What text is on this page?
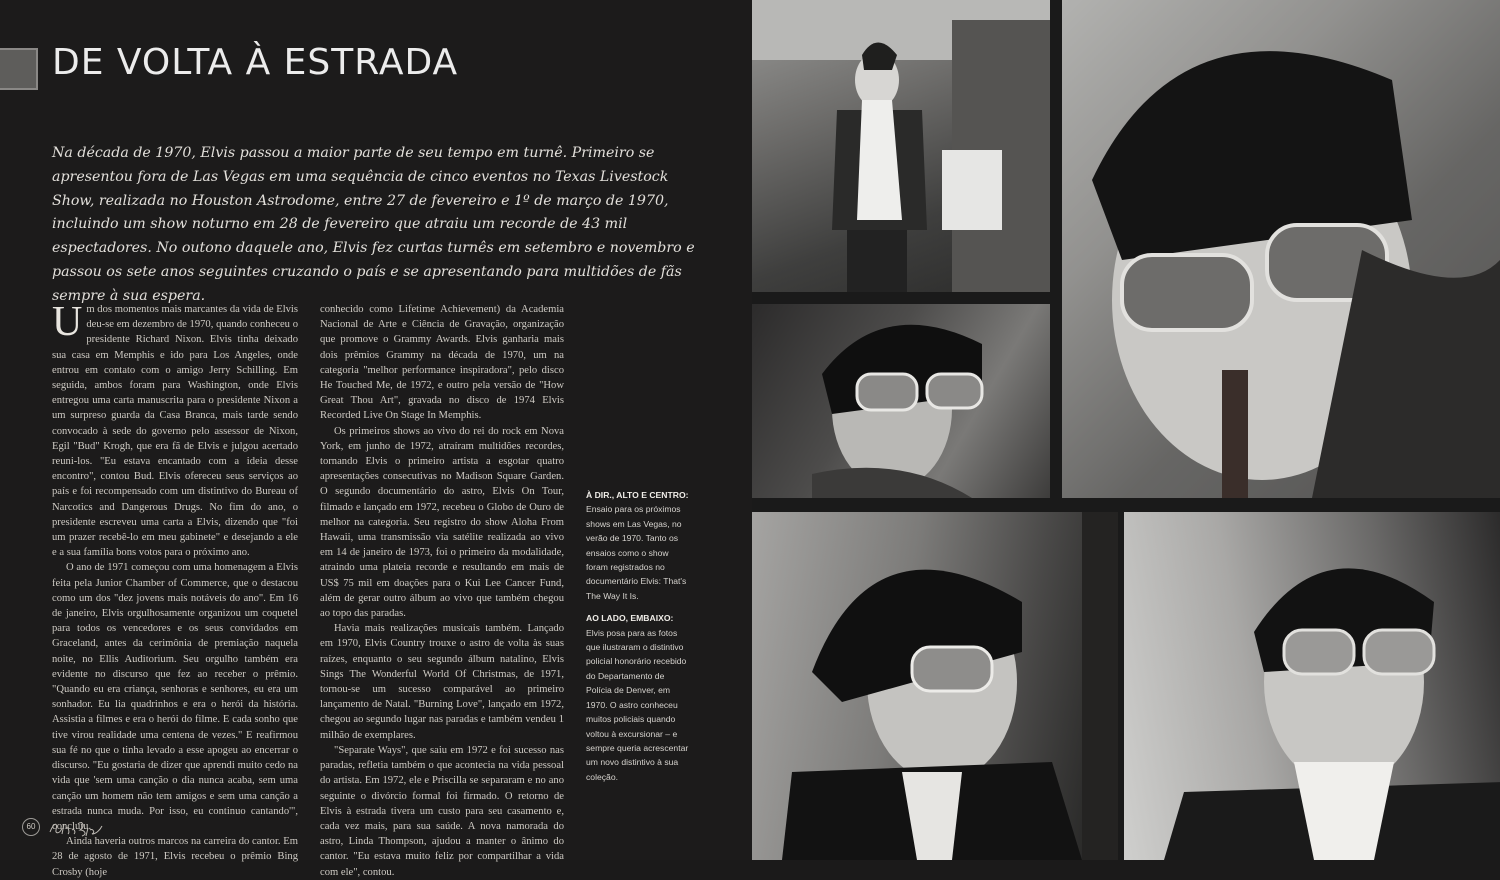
DE VOLTA À ESTRADA

Na década de 1970, Elvis passou a maior parte de seu tempo em turnê. Primeiro se apresentou fora de Las Vegas em uma sequência de cinco eventos no Texas Livestock Show, realizada no Houston Astrodome, entre 27 de fevereiro e 1º de março de 1970, incluindo um show noturno em 28 de fevereiro que atraiu um recorde de 43 mil espectadores. No outono daquele ano, Elvis fez curtas turnês em setembro e novembro e passou os sete anos seguintes cruzando o país e se apresentando para multidões de fãs sempre à sua espera.

Um dos momentos mais marcantes da vida de Elvis deu-se em dezembro de 1970, quando conheceu o presidente Richard Nixon. Elvis tinha deixado sua casa em Memphis e ido para Los Angeles, onde entrou em contato com o amigo Jerry Schilling. Em seguida, ambos foram para Washington, onde Elvis entregou uma carta manuscrita para o presidente Nixon a um surpreso guarda da Casa Branca, mais tarde sendo convocado à sede do governo pelo assessor de Nixon, Egil "Bud" Krogh, que era fã de Elvis e julgou acertado reuni-los. "Eu estava encantado com a ideia desse encontro", contou Bud. Elvis ofereceu seus serviços ao país e foi recompensado com um distintivo do Bureau of Narcotics and Dangerous Drugs. No fim do ano, o presidente escreveu uma carta a Elvis, dizendo que "foi um prazer recebê-lo em meu gabinete" e desejando a ele e a sua família bons votos para o próximo ano.

O ano de 1971 começou com uma homenagem a Elvis feita pela Junior Chamber of Commerce, que o destacou como um dos "dez jovens mais notáveis do ano". Em 16 de janeiro, Elvis orgulhosamente organizou um coquetel para todos os vencedores e os seus convidados em Graceland, antes da cerimônia de premiação naquela noite, no Ellis Auditorium. Seu orgulho também era evidente no discurso que fez ao receber o prêmio. "Quando eu era criança, senhoras e senhores, eu era um sonhador. Eu lia quadrinhos e era o herói da história. Assistia a filmes e era o herói do filme. E cada sonho que tive virou realidade uma centena de vezes." E reafirmou sua fé no que o tinha levado a esse apogeu ao encerrar o discurso. "Eu gostaria de dizer que aprendi muito cedo na vida que 'sem uma canção o dia nunca acaba, sem uma canção um homem não tem amigos e sem uma canção a estrada nunca muda. Por isso, eu continuo cantando'", concluiu.

Ainda haveria outros marcos na carreira do cantor. Em 28 de agosto de 1971, Elvis recebeu o prêmio Bing Crosby (hoje

conhecido como Lifetime Achievement) da Academia Nacional de Arte e Ciência de Gravação, organização que promove o Grammy Awards. Elvis ganharia mais dois prêmios Grammy na década de 1970, um na categoria "melhor performance inspiradora", pelo disco He Touched Me, de 1972, e outro pela versão de "How Great Thou Art", gravada no disco de 1974 Elvis Recorded Live On Stage In Memphis.

Os primeiros shows ao vivo do rei do rock em Nova York, em junho de 1972, atraíram multidões recordes, tornando Elvis o primeiro artista a esgotar quatro apresentações consecutivas no Madison Square Garden. O segundo documentário do astro, Elvis On Tour, filmado e lançado em 1972, recebeu o Globo de Ouro de melhor na categoria. Seu registro do show Aloha From Hawaii, uma transmissão via satélite realizada ao vivo em 14 de janeiro de 1973, foi o primeiro da modalidade, atraindo uma plateia recorde e resultando em mais de US$ 75 mil em doações para o Kui Lee Cancer Fund, além de gerar outro álbum ao vivo que também chegou ao topo das paradas.

Havia mais realizações musicais também. Lançado em 1970, Elvis Country trouxe o astro de volta às suas raízes, enquanto o seu segundo álbum natalino, Elvis Sings The Wonderful World Of Christmas, de 1971, tornou-se um sucesso comparável ao primeiro lançamento de Natal. "Burning Love", lançado em 1972, chegou ao segundo lugar nas paradas e também vendeu 1 milhão de exemplares.

"Separate Ways", que saiu em 1972 e foi sucesso nas paradas, refletia também o que acontecia na vida pessoal do artista. Em 1972, ele e Priscilla se separaram e no ano seguinte o divórcio formal foi firmado. O retorno de Elvis à estrada tivera um custo para seu casamento e, cada vez mais, para sua saúde. A nova namorada do astro, Linda Thompson, ajudou a manter o ânimo do cantor. "Eu estava muito feliz por compartilhar a vida com ele", contou.

À DIR., ALTO E CENTRO: Ensaio para os próximos shows em Las Vegas, no verão de 1970. Tanto os ensaios como o show foram registrados no documentário Elvis: That's The Way It Is.
AO LADO, EMBAIXO: Elvis posa para as fotos que ilustraram o distintivo policial honorário recebido do Departamento de Polícia de Denver, em 1970. O astro conheceu muitos policiais quando voltou à excursionar – e sempre queria acrescentar um novo distintivo à sua coleção.
60
